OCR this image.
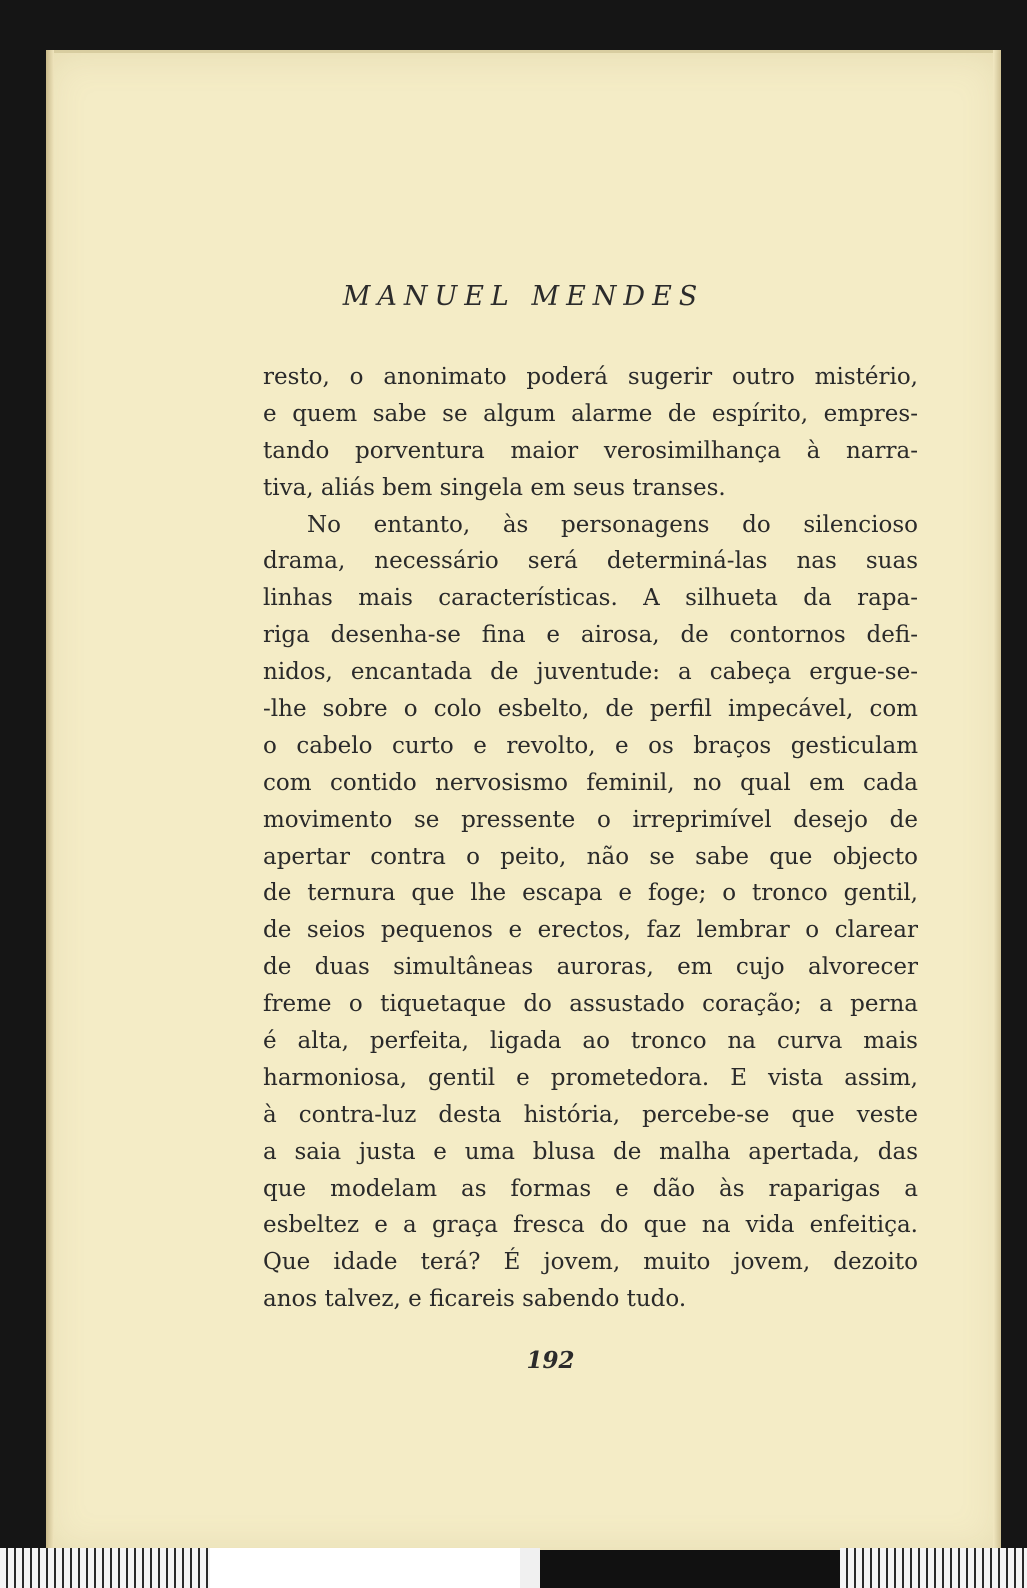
MANUEL MENDES
resto, o anonimato poderá sugerir outro mistério,
e quem sabe se algum alarme de espírito, empres-
tando porventura maior verosimilhança à narra-
tiva, aliás bem singela em seus transes.
No entanto, às personagens do silencioso
drama, necessário será determiná-las nas suas
linhas mais características. A silhueta da rapa-
riga desenha-se fina e airosa, de contornos defi-
nidos, encantada de juventude: a cabeça ergue-se-
-lhe sobre o colo esbelto, de perfil impecável, com
o cabelo curto e revolto, e os braços gesticulam
com contido nervosismo feminil, no qual em cada
movimento se pressente o irreprimível desejo de
apertar contra o peito, não se sabe que objecto
de ternura que lhe escapa e foge; o tronco gentil,
de seios pequenos e erectos, faz lembrar o clarear
de duas simultâneas auroras, em cujo alvorecer
freme o tiquetaque do assustado coração; a perna
é alta, perfeita, ligada ao tronco na curva mais
harmoniosa, gentil e prometedora. E vista assim,
à contra-luz desta história, percebe-se que veste
a saia justa e uma blusa de malha apertada, das
que modelam as formas e dão às raparigas a
esbeltez e a graça fresca do que na vida enfeitiça.
Que idade terá? É jovem, muito jovem, dezoito
anos talvez, e ficareis sabendo tudo.
192
